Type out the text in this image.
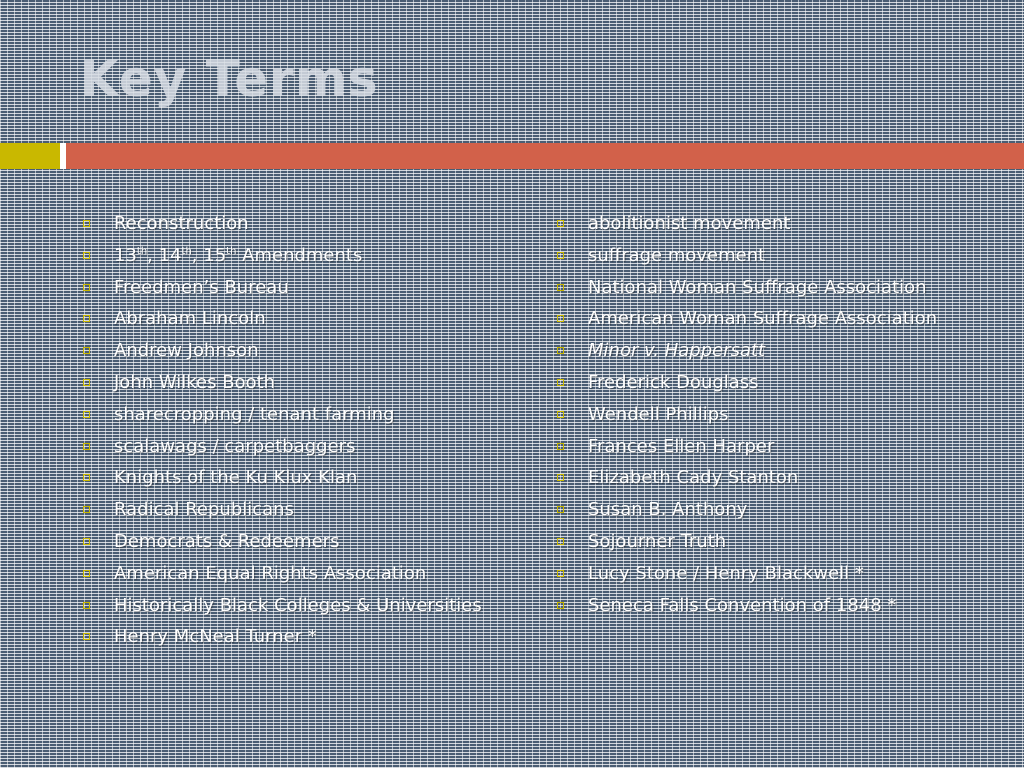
Key Terms
Reconstruction
13th, 14th, 15th Amendments
Freedmen’s Bureau
Abraham Lincoln
Andrew Johnson
John Wilkes Booth
sharecropping / tenant farming
scalawags / carpetbaggers
Knights of the Ku Klux Klan
Radical Republicans
Democrats & Redeemers
American Equal Rights Association
Historically Black Colleges & Universities
Henry McNeal Turner *
abolitionist movement
suffrage movement
National Woman Suffrage Association
American Woman Suffrage Association
Minor v. Happersatt
Frederick Douglass
Wendell Phillips
Frances Ellen Harper
Elizabeth Cady Stanton
Susan B. Anthony
Sojourner Truth
Lucy Stone / Henry Blackwell *
Seneca Falls Convention of 1848 *
